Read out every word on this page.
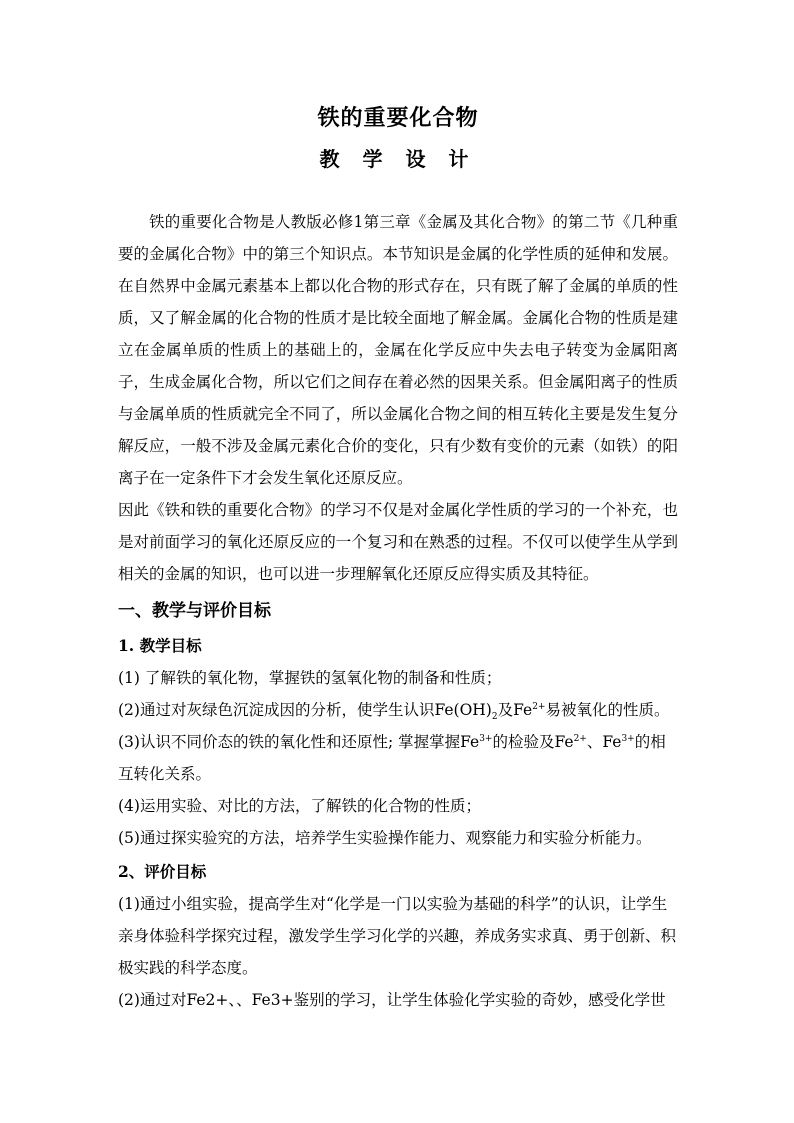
铁的重要化合物
教 学 设 计

铁的重要化合物是人教版必修1第三章《金属及其化合物》的第二节《几种重要的金属化合物》中的第三个知识点。本节知识是金属的化学性质的延伸和发展。在自然界中金属元素基本上都以化合物的形式存在，只有既了解了金属的单质的性质，又了解金属的化合物的性质才是比较全面地了解金属。金属化合物的性质是建立在金属单质的性质上的基础上的，金属在化学反应中失去电子转变为金属阳离子，生成金属化合物，所以它们之间存在着必然的因果关系。但金属阳离子的性质与金属单质的性质就完全不同了，所以金属化合物之间的相互转化主要是发生复分解反应，一般不涉及金属元素化合价的变化，只有少数有变价的元素（如铁）的阳离子在一定条件下才会发生氧化还原反应。

因此《铁和铁的重要化合物》的学习不仅是对金属化学性质的学习的一个补充，也是对前面学习的氧化还原反应的一个复习和在熟悉的过程。不仅可以使学生从学到相关的金属的知识，也可以进一步理解氧化还原反应得实质及其特征。

一、教学与评价目标
1. 教学目标

(1) 了解铁的氧化物，掌握铁的氢氧化物的制备和性质；

(2)通过对灰绿色沉淀成因的分析，使学生认识$Fe(OH)_2$及$Fe^{2+}$易被氧化的性质。

(3)认识不同价态的铁的氧化性和还原性; 掌握掌握$Fe^{3+}$的检验及$Fe^{2+}$、$Fe^{3+}$的相互转化关系。

(4)运用实验、对比的方法，了解铁的化合物的性质；

(5)通过探实验究的方法，培养学生实验操作能力、观察能力和实验分析能力。

2、评价目标

(1)通过小组实验，提高学生对“化学是一门以实验为基础的科学”的认识，让学生亲身体验科学探究过程，激发学生学习化学的兴趣，养成务实求真、勇于创新、积极实践的科学态度。

(2)通过对Fe2+、、Fe3+鉴别的学习，让学生体验化学实验的奇妙，感受化学世
